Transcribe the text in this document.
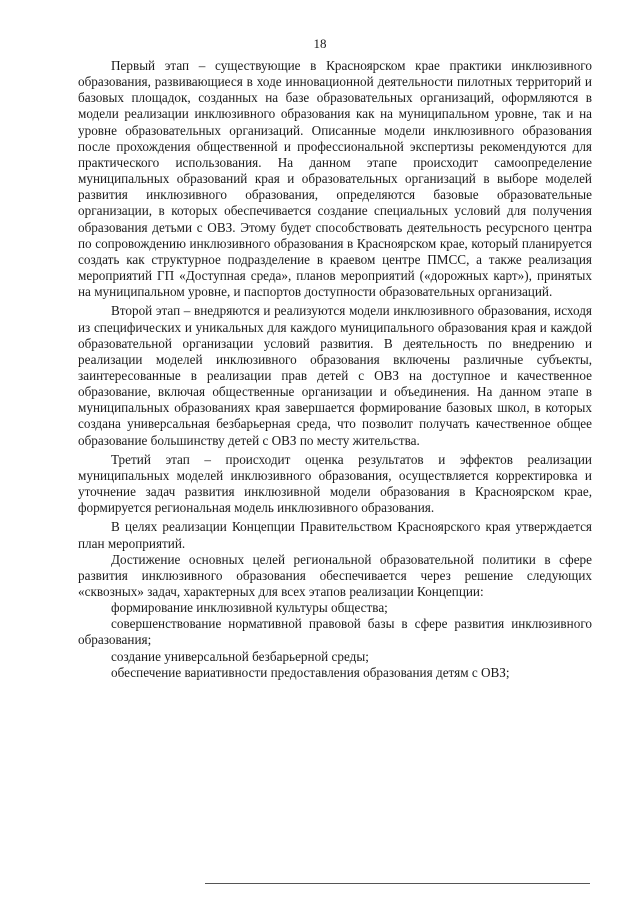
18

Первый этап – существующие в Красноярском крае практики инклюзивного образования, развивающиеся в ходе инновационной деятельности пилотных территорий и базовых площадок, созданных на базе образовательных организаций, оформляются в модели реализации инклюзивного образования как на муниципальном уровне, так и на уровне образовательных организаций. Описанные модели инклюзивного образования после прохождения общественной и профессиональной экспертизы рекомендуются для практического использования. На данном этапе происходит самоопределение муниципальных образований края и образовательных организаций в выборе моделей развития инклюзивного образования, определяются базовые образовательные организации, в которых обеспечивается создание специальных условий для получения образования детьми с ОВЗ. Этому будет способствовать деятельность ресурсного центра по сопровождению инклюзивного образования в Красноярском крае, который планируется создать как структурное подразделение в краевом центре ПМСС, а также реализация мероприятий ГП «Доступная среда», планов мероприятий («дорожных карт»), принятых на муниципальном уровне, и паспортов доступности образовательных организаций.

Второй этап – внедряются и реализуются модели инклюзивного образования, исходя из специфических и уникальных для каждого муниципального образования края и каждой образовательной организации условий развития. В деятельность по внедрению и реализации моделей инклюзивного образования включены различные субъекты, заинтересованные в реализации прав детей с ОВЗ на доступное и качественное образование, включая общественные организации и объединения. На данном этапе в муниципальных образованиях края завершается формирование базовых школ, в которых создана универсальная безбарьерная среда, что позволит получать качественное общее образование большинству детей с ОВЗ по месту жительства.

Третий этап – происходит оценка результатов и эффектов реализации муниципальных моделей инклюзивного образования, осуществляется корректировка и уточнение задач развития инклюзивной модели образования в Красноярском крае, формируется региональная модель инклюзивного образования.

В целях реализации Концепции Правительством Красноярского края утверждается план мероприятий.

Достижение основных целей региональной образовательной политики в сфере развития инклюзивного образования обеспечивается через решение следующих «сквозных» задач, характерных для всех этапов реализации Концепции:

формирование инклюзивной культуры общества;

совершенствование нормативной правовой базы в сфере развития инклюзивного образования;

создание универсальной безбарьерной среды;

обеспечение вариативности предоставления образования детям с ОВЗ;
